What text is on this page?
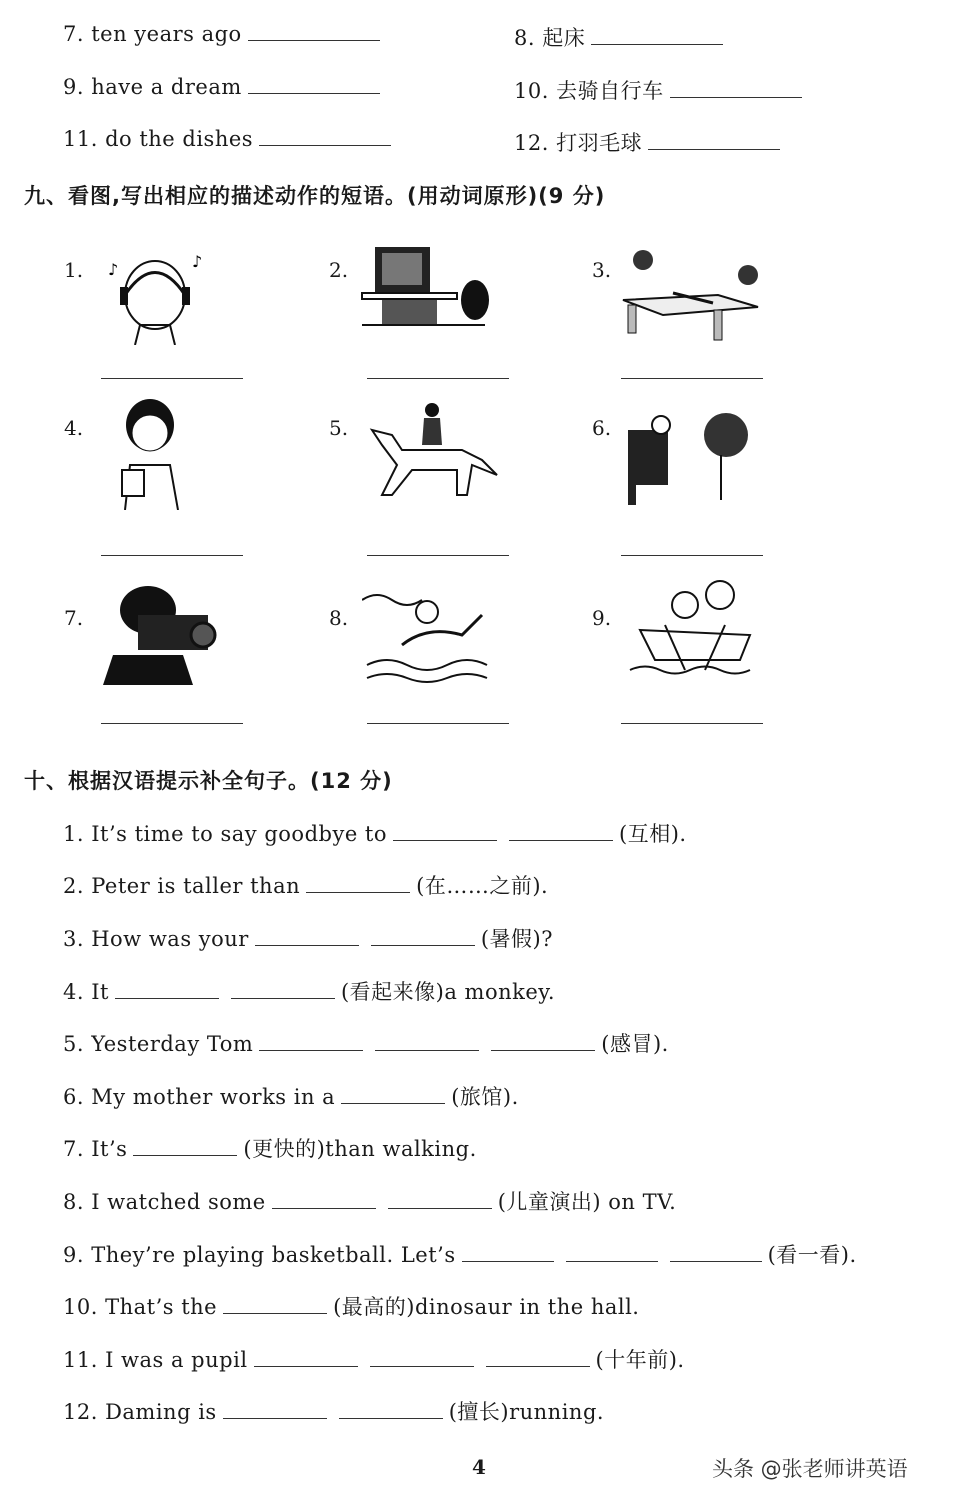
7. ten years ago	8. 起床
9. have a dream	10. 去骑自行车
11. do the dishes	12. 打羽毛球
九、看图,写出相应的描述动作的短语。(用动词原形)(9 分)
1. ♪	♪	2.	3.
4.	5.	6.
7.	8.	9.
十、根据汉语提示补全句子。(12 分)
1. It’s time to say goodbye to	(互相).
2. Peter is taller than	(在……之前).
3. How was your	(暑假)?
4. It	(看起来像)a monkey.
5. Yesterday Tom	(感冒).
6. My mother works in a	(旅馆).
7. It’s	(更快的)than walking.
8. I watched some	(儿童演出) on TV.
9. They’re playing basketball. Let’s	(看一看).
10. That’s the	(最高的)dinosaur in the hall.
11. I was a pupil	(十年前).
12. Daming is	(擅长)running.
4	头条 @张老师讲英语
